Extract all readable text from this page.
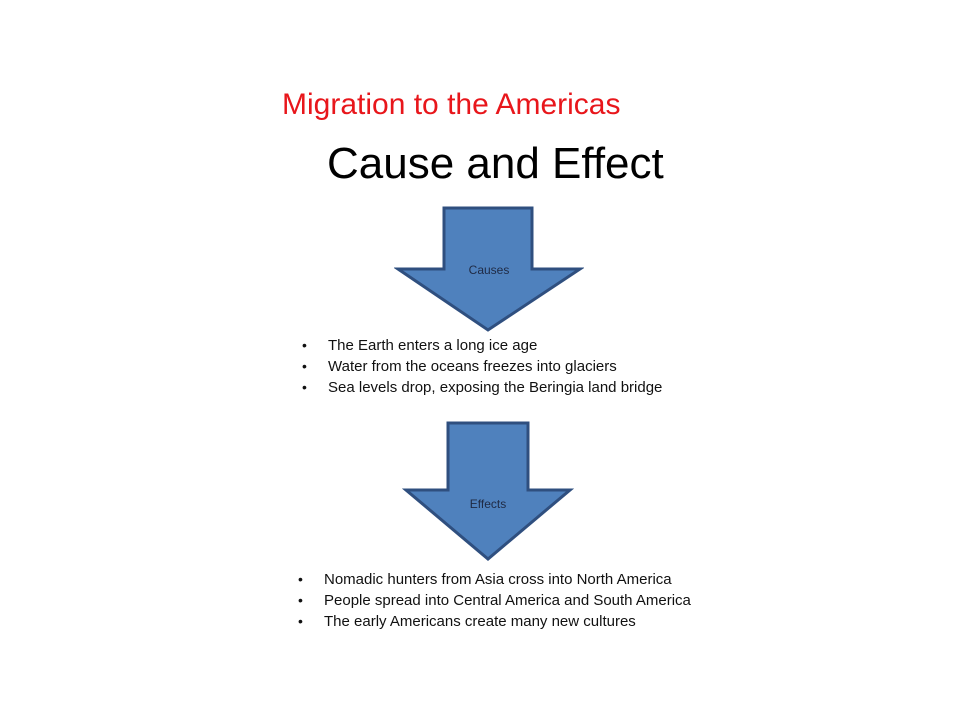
Migration to the Americas
Cause and Effect
Causes
• The Earth enters a long ice age
• Water from the oceans freezes into glaciers
• Sea levels drop, exposing the Beringia land bridge
Effects
• Nomadic hunters from Asia cross into North America
• People spread into Central America and South America
• The early Americans create many new cultures
